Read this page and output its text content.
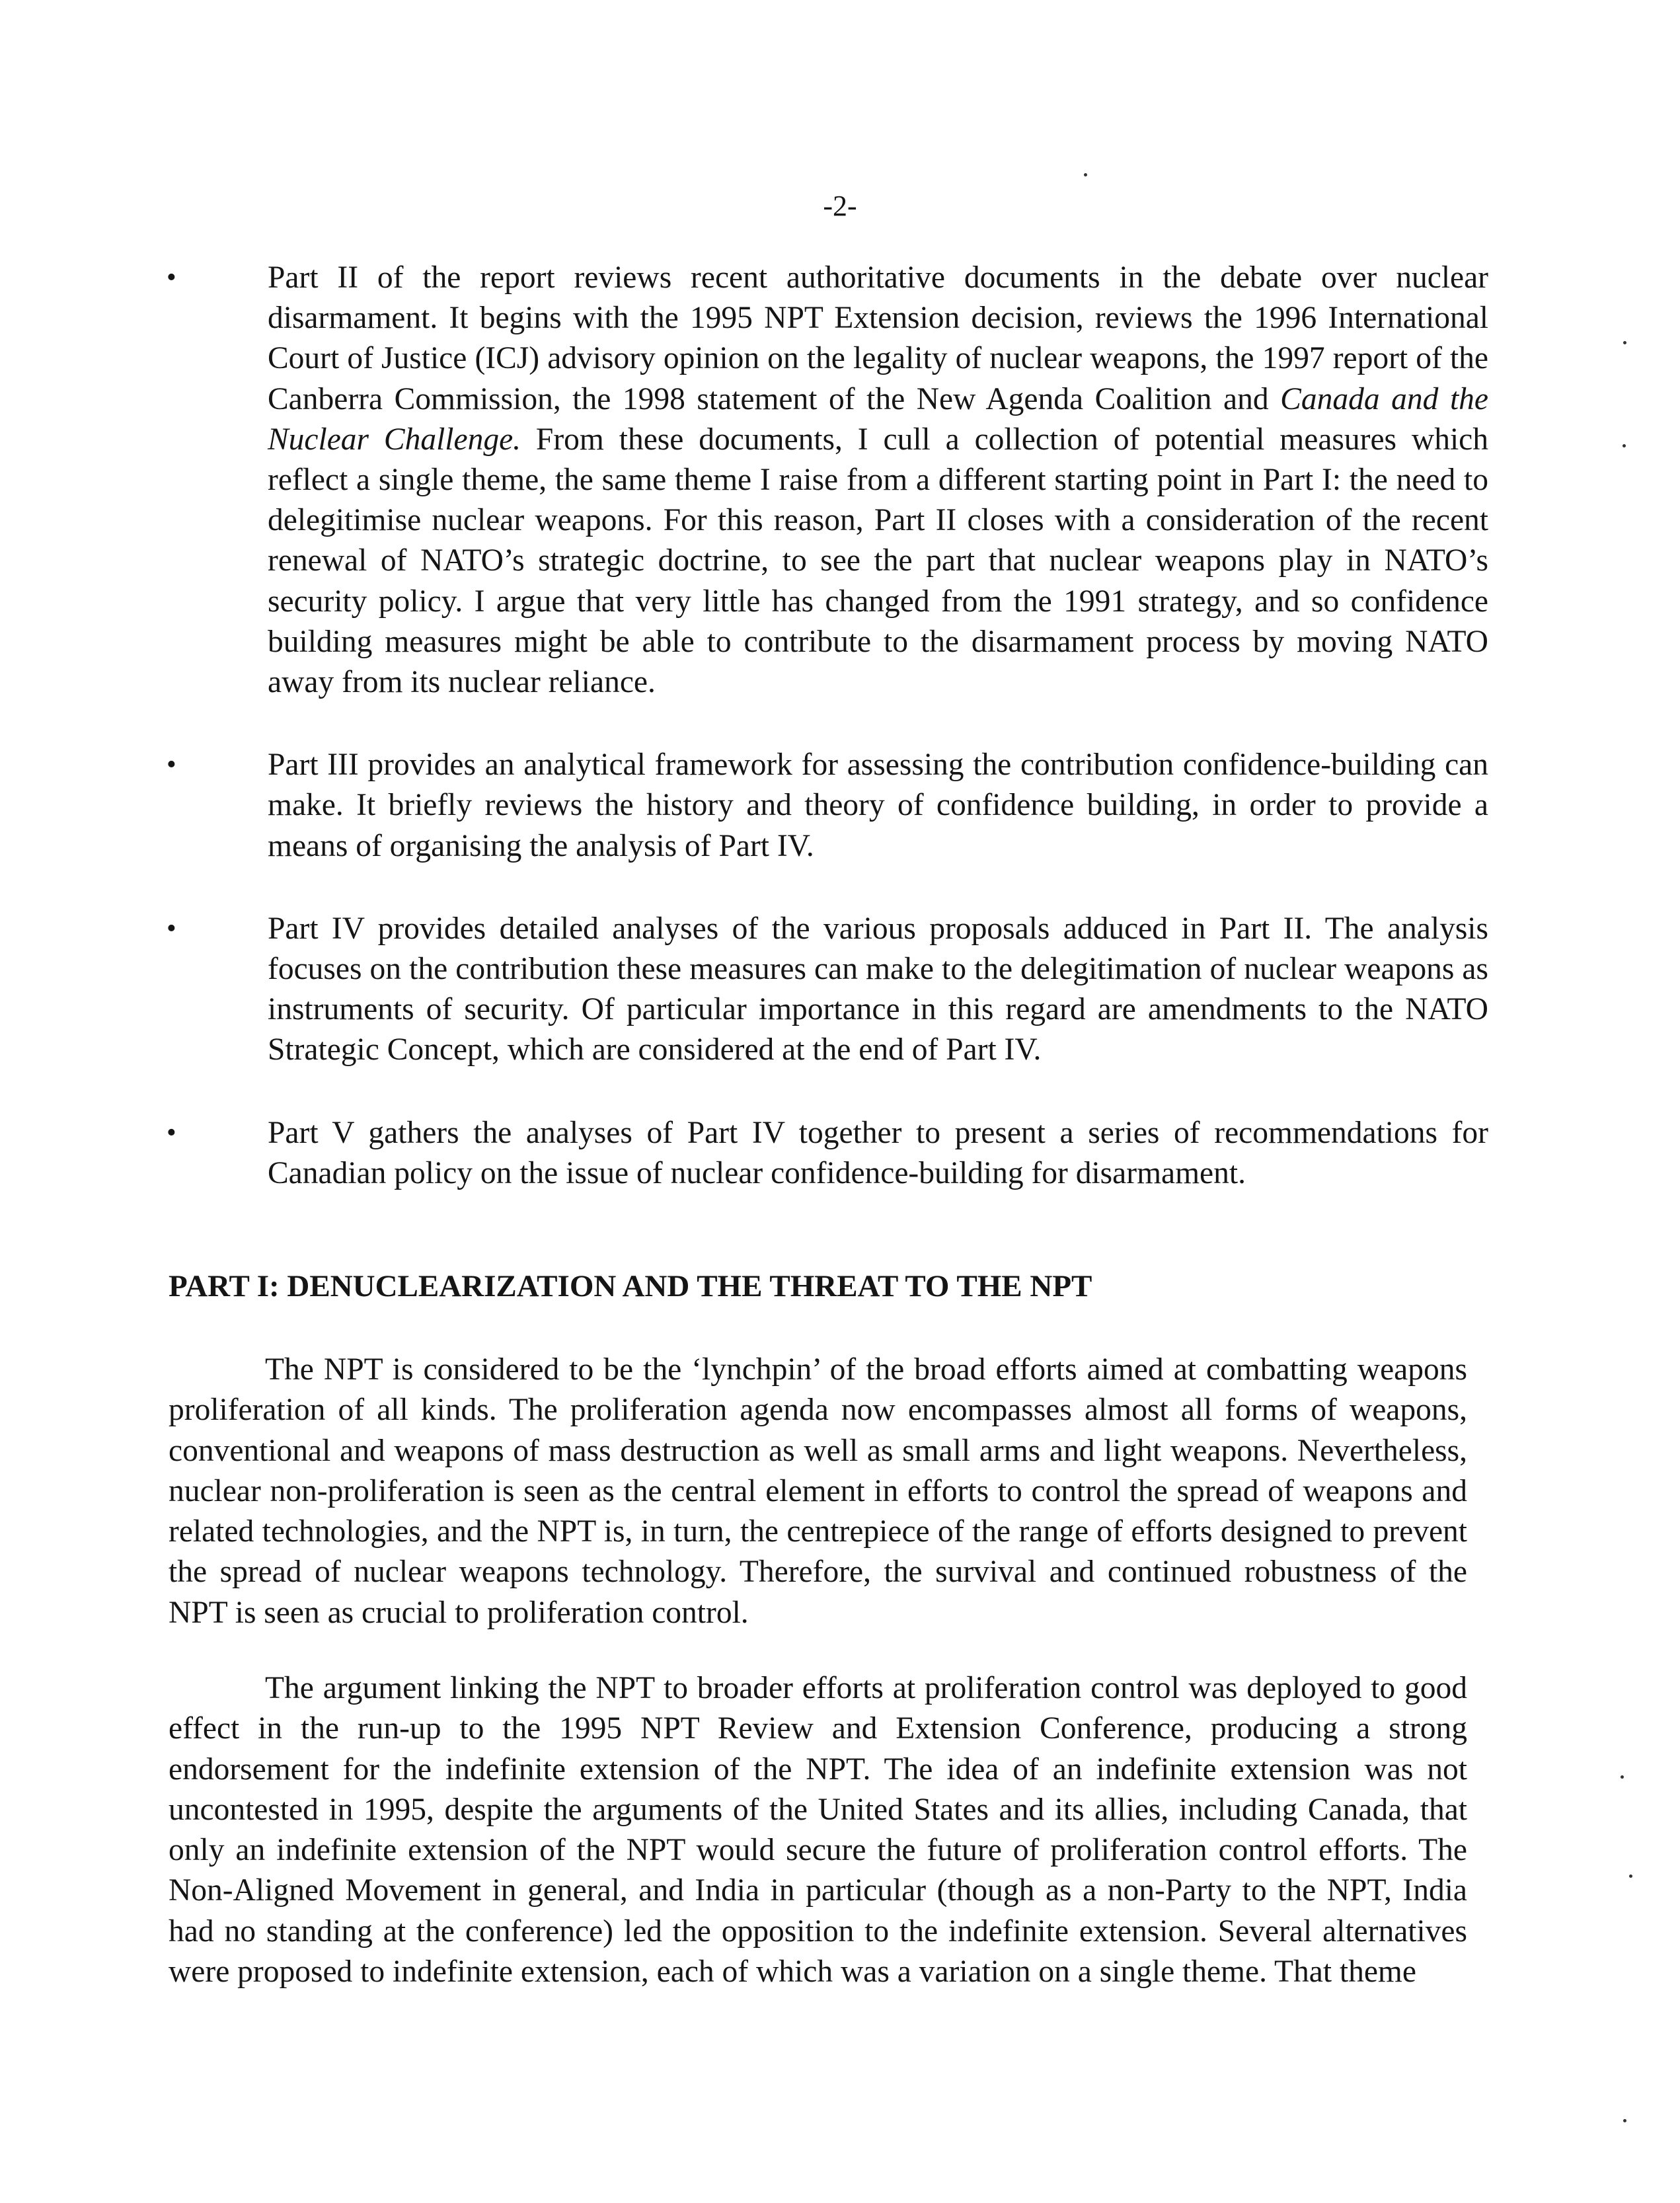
-2-
•	Part II of the report reviews recent authoritative documents in the debate over nuclear disarmament. It begins with the 1995 NPT Extension decision, reviews the 1996 International Court of Justice (ICJ) advisory opinion on the legality of nuclear weapons, the 1997 report of the Canberra Commission, the 1998 statement of the New Agenda Coalition and Canada and the Nuclear Challenge. From these documents, I cull a collection of potential measures which reflect a single theme, the same theme I raise from a different starting point in Part I: the need to delegitimise nuclear weapons. For this reason, Part II closes with a consideration of the recent renewal of NATO’s strategic doctrine, to see the part that nuclear weapons play in NATO’s security policy. I argue that very little has changed from the 1991 strategy, and so confidence building measures might be able to contribute to the disarmament process by moving NATO away from its nuclear reliance.
•	Part III provides an analytical framework for assessing the contribution confidence-building can make. It briefly reviews the history and theory of confidence building, in order to provide a means of organising the analysis of Part IV.
•	Part IV provides detailed analyses of the various proposals adduced in Part II. The analysis focuses on the contribution these measures can make to the delegitimation of nuclear weapons as instruments of security. Of particular importance in this regard are amendments to the NATO Strategic Concept, which are considered at the end of Part IV.
•	Part V gathers the analyses of Part IV together to present a series of recommendations for Canadian policy on the issue of nuclear confidence-building for disarmament.
PART I: DENUCLEARIZATION AND THE THREAT TO THE NPT

The NPT is considered to be the ‘lynchpin’ of the broad efforts aimed at combatting weapons proliferation of all kinds. The proliferation agenda now encompasses almost all forms of weapons, conventional and weapons of mass destruction as well as small arms and light weapons. Nevertheless, nuclear non-proliferation is seen as the central element in efforts to control the spread of weapons and related technologies, and the NPT is, in turn, the centrepiece of the range of efforts designed to prevent the spread of nuclear weapons technology. Therefore, the survival and continued robustness of the NPT is seen as crucial to proliferation control.

The argument linking the NPT to broader efforts at proliferation control was deployed to good effect in the run-up to the 1995 NPT Review and Extension Conference, producing a strong endorsement for the indefinite extension of the NPT. The idea of an indefinite extension was not uncontested in 1995, despite the arguments of the United States and its allies, including Canada, that only an indefinite extension of the NPT would secure the future of proliferation control efforts. The Non-Aligned Movement in general, and India in particular (though as a non-Party to the NPT, India had no standing at the conference) led the opposition to the indefinite extension. Several alternatives were proposed to indefinite extension, each of which was a variation on a single theme. That theme
